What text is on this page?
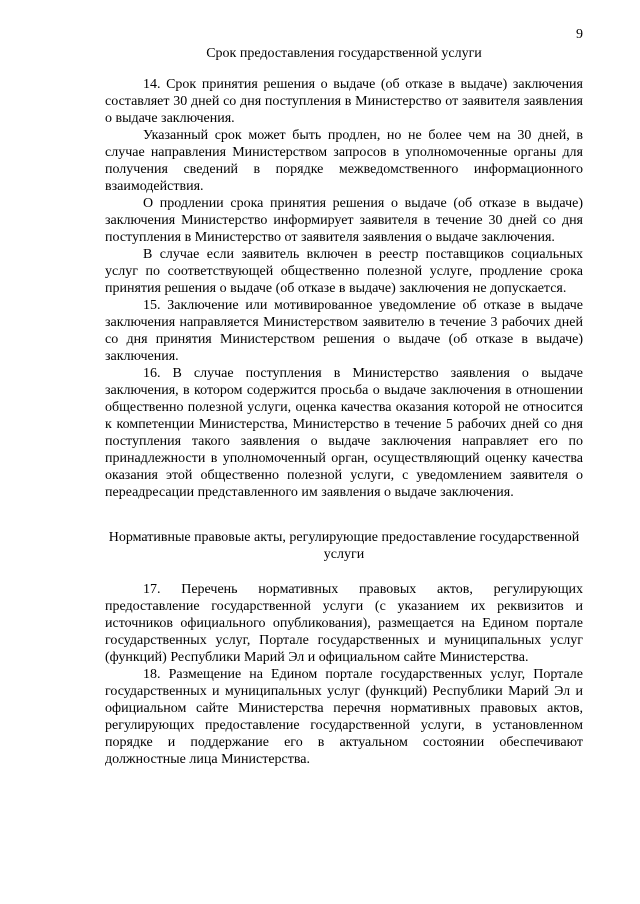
9
Срок предоставления государственной услуги

14. Срок принятия решения о выдаче (об отказе в выдаче) заключения составляет 30 дней со дня поступления в Министерство от заявителя заявления о выдаче заключения.

Указанный срок может быть продлен, но не более чем на 30 дней, в случае направления Министерством запросов в уполномоченные органы для получения сведений в порядке межведомственного информационного взаимодействия.

О продлении срока принятия решения о выдаче (об отказе в выдаче) заключения Министерство информирует заявителя в течение 30 дней со дня поступления в Министерство от заявителя заявления о выдаче заключения.

В случае если заявитель включен в реестр поставщиков социальных услуг по соответствующей общественно полезной услуге, продление срока принятия решения о выдаче (об отказе в выдаче) заключения не допускается.

15. Заключение или мотивированное уведомление об отказе в выдаче заключения направляется Министерством заявителю в течение 3 рабочих дней со дня принятия Министерством решения о выдаче (об отказе в выдаче) заключения.

16. В случае поступления в Министерство заявления о выдаче заключения, в котором содержится просьба о выдаче заключения в отношении общественно полезной услуги, оценка качества оказания которой не относится к компетенции Министерства, Министерство в течение 5 рабочих дней со дня поступления такого заявления о выдаче заключения направляет его по принадлежности в уполномоченный орган, осуществляющий оценку качества оказания этой общественно полезной услуги, с уведомлением заявителя о переадресации представленного им заявления о выдаче заключения.

Нормативные правовые акты, регулирующие предоставление государственной услуги

17. Перечень нормативных правовых актов, регулирующих предоставление государственной услуги (с указанием их реквизитов и источников официального опубликования), размещается на Едином портале государственных услуг, Портале государственных и муниципальных услуг (функций) Республики Марий Эл и официальном сайте Министерства.

18. Размещение на Едином портале государственных услуг, Портале государственных и муниципальных услуг (функций) Республики Марий Эл и официальном сайте Министерства перечня нормативных правовых актов, регулирующих предоставление государственной услуги, в установленном порядке и поддержание его в актуальном состоянии обеспечивают должностные лица Министерства.
